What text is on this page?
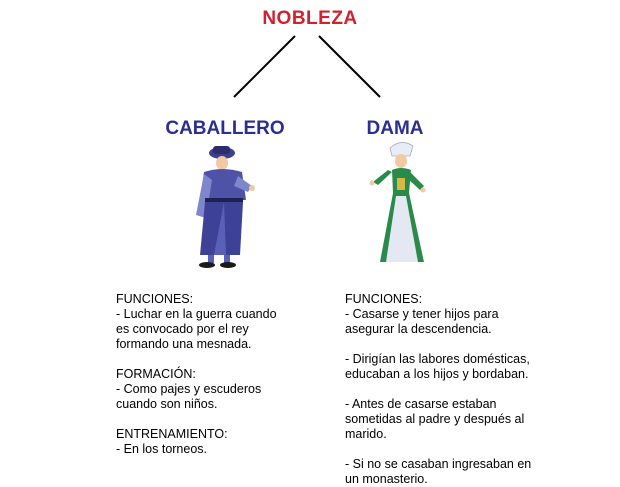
NOBLEZA
CABALLERO	DAMA
FUNCIONES:
- Luchar en la guerra cuando
es convocado por el rey
formando una mesnada.
FORMACIÓN:
- Como pajes y escuderos
cuando son niños.
ENTRENAMIENTO:
- En los torneos.
FUNCIONES:
- Casarse y tener hijos para
asegurar la descendencia.
- Dirigían las labores domésticas,
educaban a los hijos y bordaban.
- Antes de casarse estaban
sometidas al padre y después al
marido.
- Si no se casaban ingresaban en
un monasterio.
